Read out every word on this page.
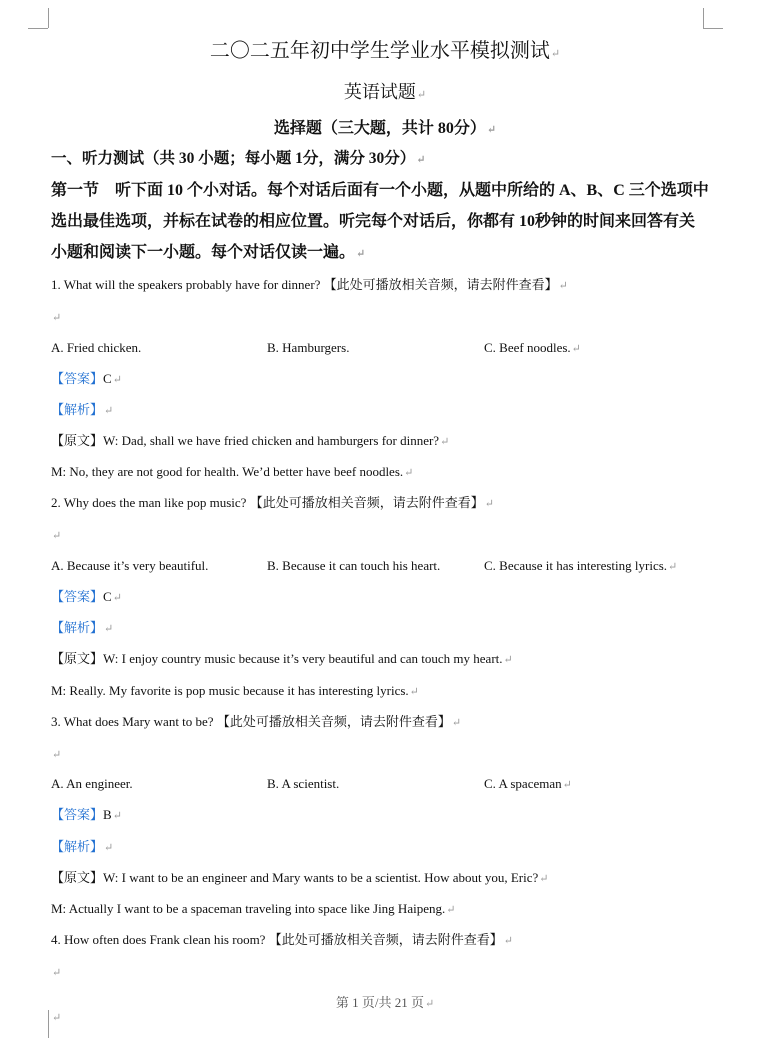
二〇二五年初中学生学业水平模拟测试↵
英语试题↵
选择题（三大题，共计 80分）↵
一、听力测试（共 30 小题；每小题 1分，满分 30分）↵
第一节　听下面 10 个小对话。每个对话后面有一个小题，从题中所给的 A、B、C 三个选项中
选出最佳选项，并标在试卷的相应位置。听完每个对话后，你都有 10秒钟的时间来回答有关
小题和阅读下一小题。每个对话仅读一遍。↵
1. What will the speakers probably have for dinner? 【此处可播放相关音频，请去附件查看】↵
↵
A. Fried chicken.	B. Hamburgers.	C. Beef noodles.↵
【答案】C↵
【解析】↵
【原文】W: Dad, shall we have fried chicken and hamburgers for dinner?↵
M: No, they are not good for health. We’d better have beef noodles.↵
2. Why does the man like pop music? 【此处可播放相关音频，请去附件查看】↵
↵
A. Because it’s very beautiful.	B. Because it can touch his heart.	C. Because it has interesting lyrics.↵
【答案】C↵
【解析】↵
【原文】W: I enjoy country music because it’s very beautiful and can touch my heart.↵
M: Really. My favorite is pop music because it has interesting lyrics.↵
3. What does Mary want to be? 【此处可播放相关音频，请去附件查看】↵
↵
A. An engineer.	B. A scientist.	C. A spaceman↵
【答案】B↵
【解析】↵
【原文】W: I want to be an engineer and Mary wants to be a scientist. How about you, Eric?↵
M: Actually I want to be a spaceman traveling into space like Jing Haipeng.↵
4. How often does Frank clean his room? 【此处可播放相关音频，请去附件查看】↵
↵
第 1 页/共 21 页↵
↵
